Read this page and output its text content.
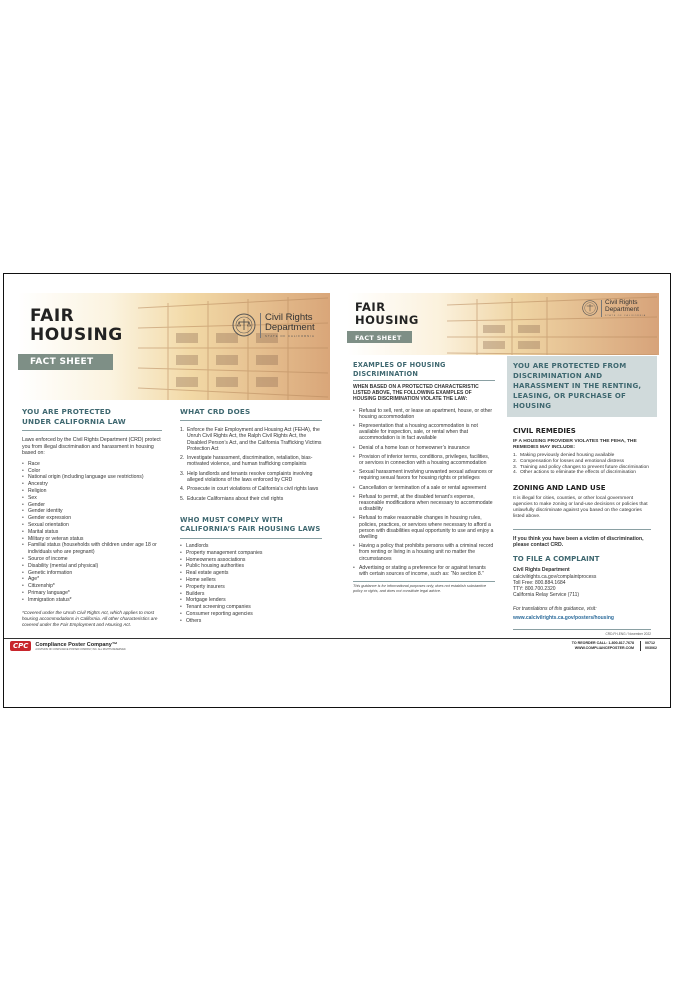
FAIR
HOUSING
FACT SHEET
Civil Rights
Department
STATE OF CALIFORNIA
YOU ARE PROTECTED
UNDER CALIFORNIA LAW
Laws enforced by the Civil Rights Department (CRD) protect you from illegal discrimination and harassment in housing based on:
• Race
• Color
• National origin (including language use restrictions)
• Ancestry
• Religion
• Sex
• Gender
• Gender identity
• Gender expression
• Sexual orientation
• Marital status
• Military or veteran status
• Familial status (households with children under age 18 or individuals who are pregnant)
• Source of income
• Disability (mental and physical)
• Genetic information
• Age*
• Citizenship*
• Primary language*
• Immigration status*
*Covered under the Unruh Civil Rights Act, which applies to most housing accommodations in California. All other characteristics are covered under the Fair Employment and Housing Act.
WHAT CRD DOES
1. Enforce the Fair Employment and Housing Act (FEHA), the Unruh Civil Rights Act, the Ralph Civil Rights Act, the Disabled Person’s Act, and the California Trafficking Victims Protection Act
2. Investigate harassment, discrimination, retaliation, bias-motivated violence, and human trafficking complaints
3. Help landlords and tenants resolve complaints involving alleged violations of the laws enforced by CRD
4. Prosecute in court violations of California’s civil rights laws
5. Educate Californians about their civil rights
WHO MUST COMPLY WITH
CALIFORNIA’S FAIR HOUSING LAWS
• Landlords
• Property management companies
• Homeowners associations
• Public housing authorities
• Real estate agents
• Home sellers
• Property insurers
• Builders
• Mortgage lenders
• Tenant screening companies
• Consumer reporting agencies
• Others
FAIR
HOUSING
FACT SHEET
Civil Rights
Department
STATE OF CALIFORNIA
EXAMPLES OF HOUSING
DISCRIMINATION
WHEN BASED ON A PROTECTED CHARACTERISTIC LISTED ABOVE, THE FOLLOWING EXAMPLES OF HOUSING DISCRIMINATION VIOLATE THE LAW:
• Refusal to sell, rent, or lease an apartment, house, or other housing accommodation
• Representation that a housing accommodation is not available for inspection, sale, or rental when that accommodation is in fact available
• Denial of a home loan or homeowner’s insurance
• Provision of inferior terms, conditions, privileges, facilities, or services in connection with a housing accommodation
• Sexual harassment involving unwanted sexual advances or requiring sexual favors for housing rights or privileges
• Cancellation or termination of a sale or rental agreement
• Refusal to permit, at the disabled tenant’s expense, reasonable modifications when necessary to accommodate a disability
• Refusal to make reasonable changes in housing rules, policies, practices, or services where necessary to afford a person with disabilities equal opportunity to use and enjoy a dwelling
• Having a policy that prohibits persons with a criminal record from renting or living in a housing unit no matter the circumstances
• Advertising or stating a preference for or against tenants with certain sources of income, such as: “No section 8.”
This guidance is for informational purposes only, does not establish substantive policy or rights, and does not constitute legal advice.
YOU ARE PROTECTED FROM DISCRIMINATION AND HARASSMENT IN THE RENTING, LEASING, OR PURCHASE OF HOUSING
CIVIL REMEDIES
IF A HOUSING PROVIDER VIOLATES THE FEHA, THE REMEDIES MAY INCLUDE:
1. Making previously denied housing available
2. Compensation for losses and emotional distress
3. Training and policy changes to prevent future discrimination
4. Other actions to eliminate the effects of discrimination
ZONING AND LAND USE
It is illegal for cities, counties, or other local government agencies to make zoning or land-use decisions or policies that unlawfully discriminate against you based on the categories listed above.
If you think you have been a victim of discrimination, please contact CRD.
TO FILE A COMPLAINT
Civil Rights Department
calcivilrights.ca.gov/complaintprocess
Toll Free: 800.884.1684
TTY: 800.700.2320
California Relay Service (711)
For translations of this guidance, visit:
www.calcivilrights.ca.gov/posters/housing
CRD-FH-ENG / November 2022
CPC	Compliance Poster Company™
A DIVISION OF COMPLIANCE POSTER COMPANY, INC. ALL RIGHTS RESERVED.
TO REORDER CALL: 1-800-817-7678
WWW.COMPLIANCEPOSTER.COM
00712
003062
